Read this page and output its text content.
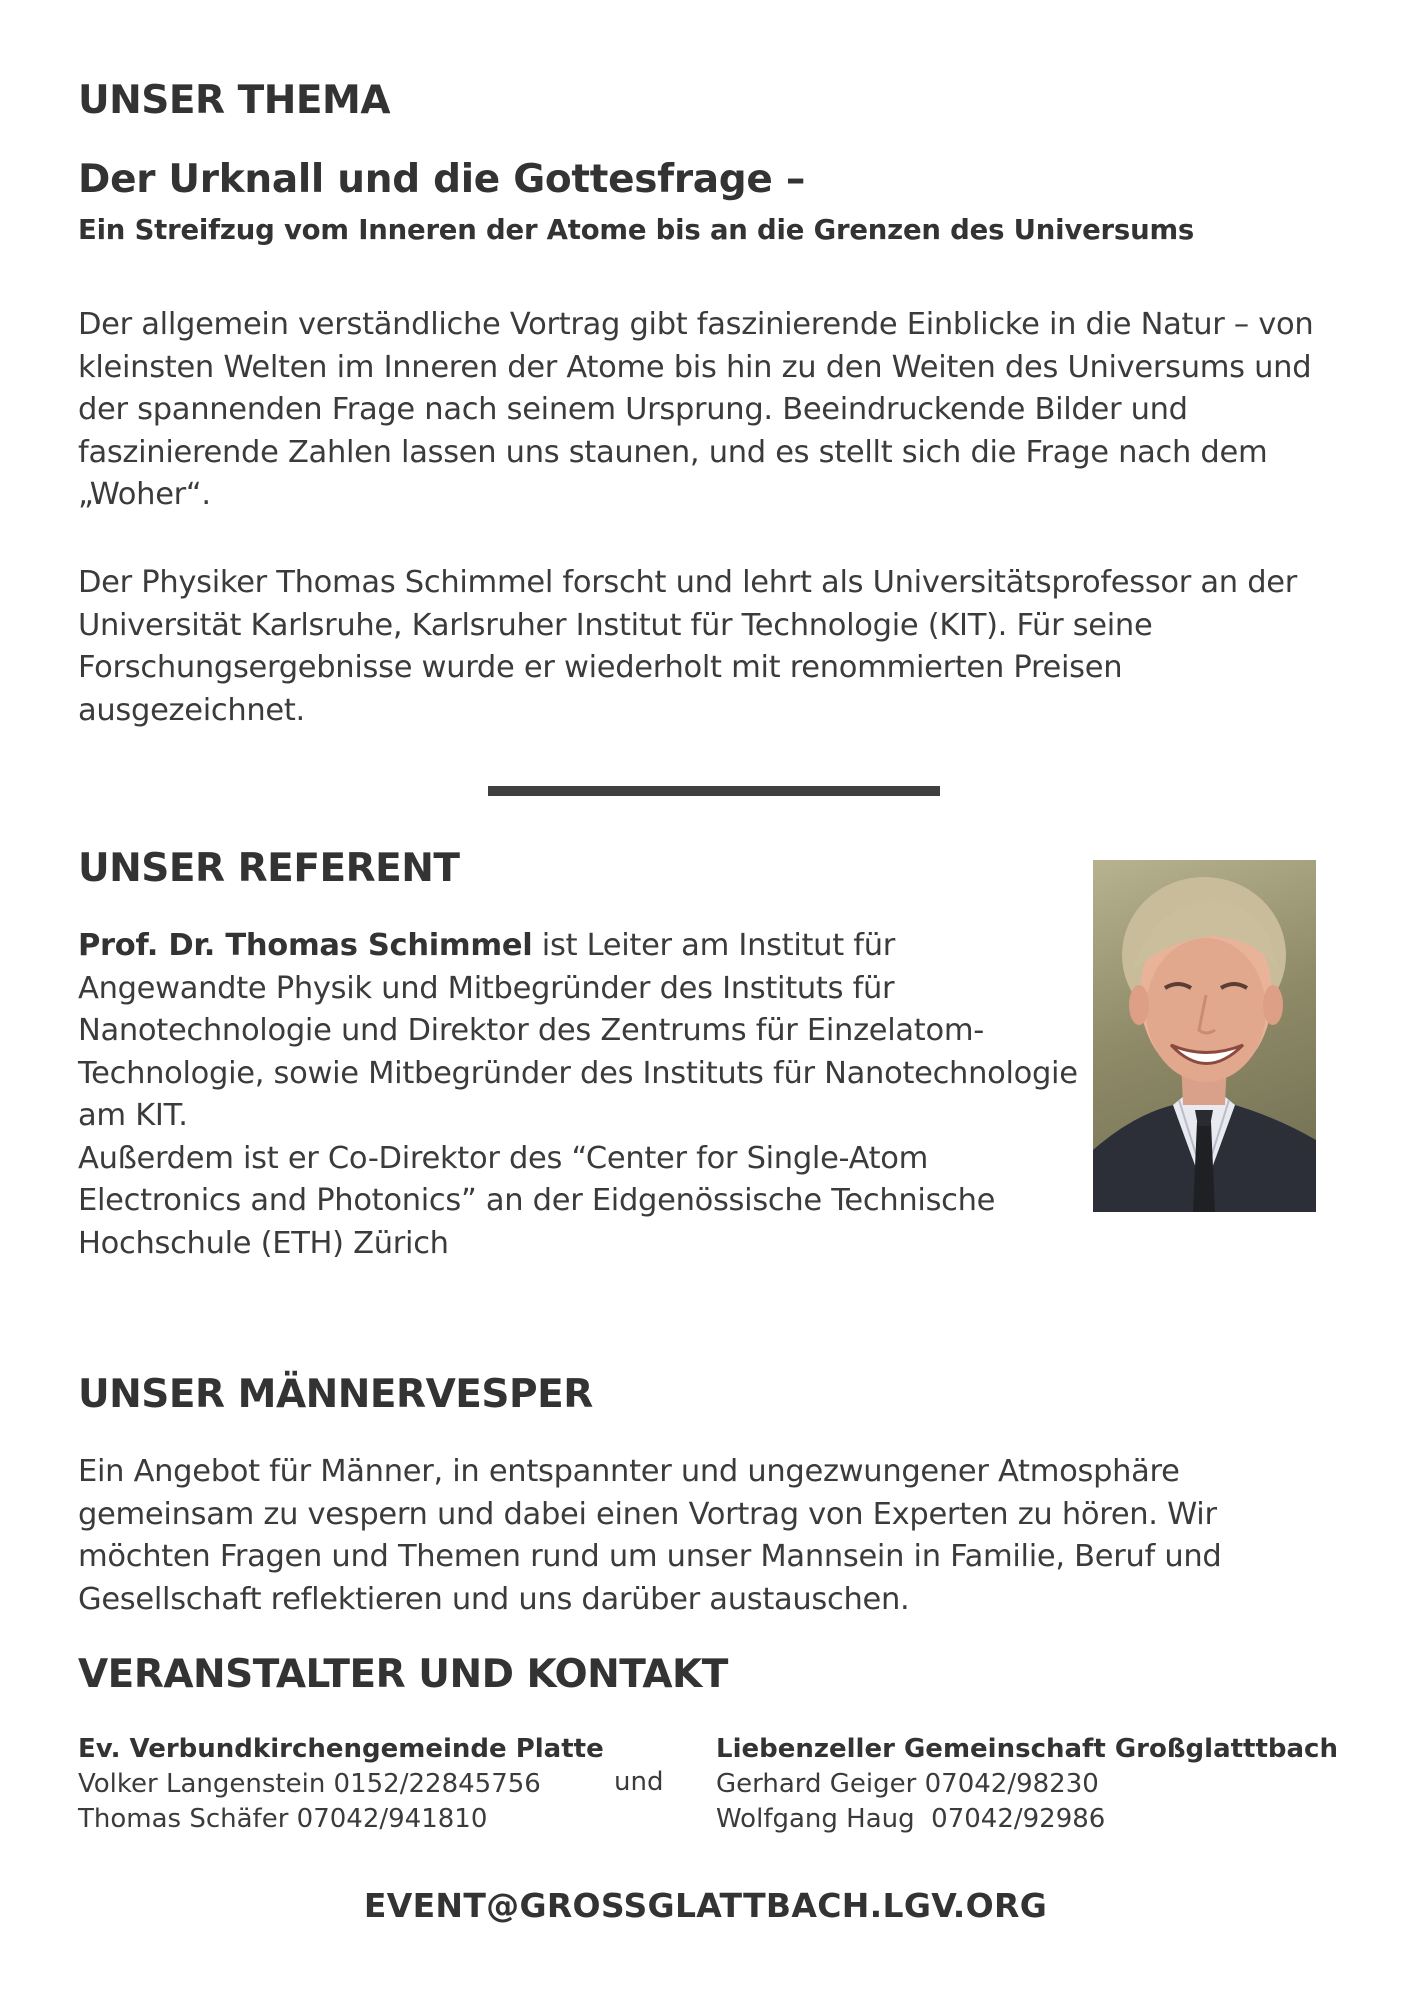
UNSER THEMA
Der Urknall und die Gottesfrage –

Ein Streifzug vom Inneren der Atome bis an die Grenzen des Universums

Der allgemein verständliche Vortrag gibt faszinierende Einblicke in die Natur – von kleinsten Welten im Inneren der Atome bis hin zu den Weiten des Universums und der spannenden Frage nach seinem Ursprung. Beeindruckende Bilder und faszinierende Zahlen lassen uns staunen, und es stellt sich die Frage nach dem „Woher“.

Der Physiker Thomas Schimmel forscht und lehrt als Universitätsprofessor an der Universität Karlsruhe, Karlsruher Institut für Technologie (KIT). Für seine Forschungsergebnisse wurde er wiederholt mit renommierten Preisen ausgezeichnet.

UNSER REFERENT

Prof. Dr. Thomas Schimmel ist Leiter am Institut für Angewandte Physik und Mitbegründer des Instituts für Nanotechnologie und Direktor des Zentrums für Einzelatom-Technologie, sowie Mitbegründer des Instituts für Nanotechnologie am KIT.
Außerdem ist er Co-Direktor des “Center for Single-Atom Electronics and Photonics” an der Eidgenössische Technische Hochschule (ETH) Zürich

UNSER MÄNNERVESPER

Ein Angebot für Männer, in entspannter und ungezwungener Atmosphäre gemeinsam zu vespern und dabei einen Vortrag von Experten zu hören. Wir möchten Fragen und Themen rund um unser Mannsein in Familie, Beruf und Gesellschaft reflektieren und uns darüber austauschen.

VERANSTALTER UND KONTAKT
Ev. Verbundkirchengemeinde Platte
Volker Langenstein 0152/22845756
Thomas Schäfer 07042/941810
und
Liebenzeller Gemeinschaft Großglatttbach
Gerhard Geiger 07042/98230
Wolfgang Haug  07042/92986
EVENT@GROSSGLATTBACH.LGV.ORG
